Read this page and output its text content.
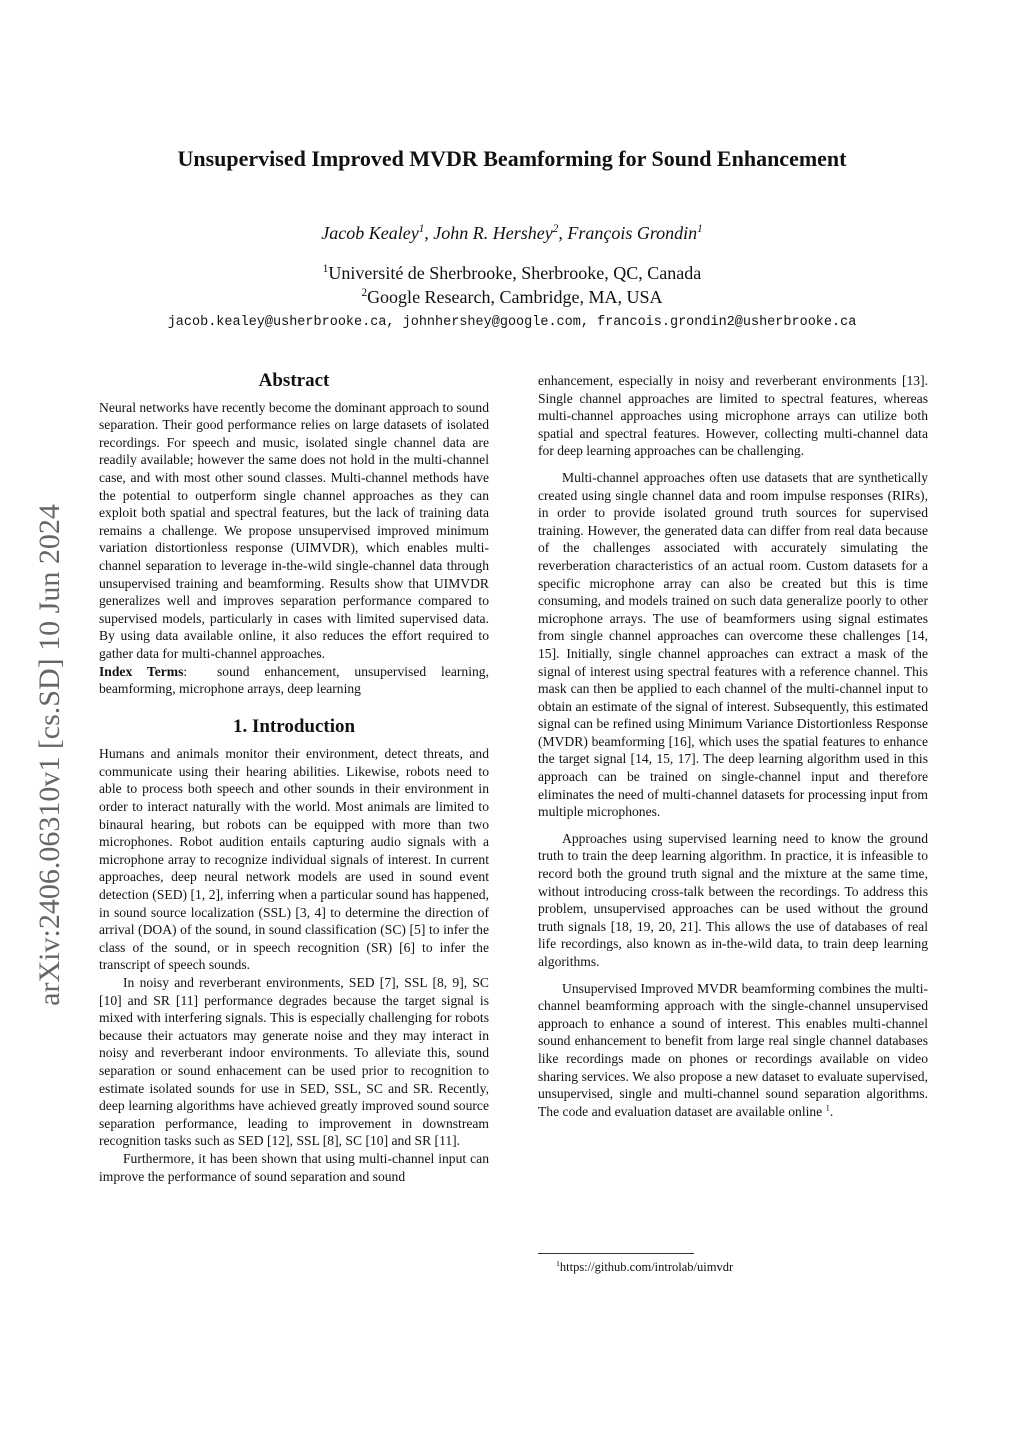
Unsupervised Improved MVDR Beamforming for Sound Enhancement
Jacob Kealey$^1$, John R. Hershey$^2$, François Grondin$^1$
$^1$Université de Sherbrooke, Sherbrooke, QC, Canada
$^2$Google Research, Cambridge, MA, USA
jacob.kealey@usherbrooke.ca, johnhershey@google.com, francois.grondin2@usherbrooke.ca
arXiv:2406.06310v1 [cs.SD] 10 Jun 2024
Abstract

Neural networks have recently become the dominant approach to sound separation. Their good performance relies on large datasets of isolated recordings. For speech and music, isolated single channel data are readily available; however the same does not hold in the multi-channel case, and with most other sound classes. Multi-channel methods have the potential to outperform single channel approaches as they can exploit both spatial and spectral features, but the lack of training data remains a challenge. We propose unsupervised improved minimum variation distortionless response (UIMVDR), which enables multi-channel separation to leverage in-the-wild single-channel data through unsupervised training and beamforming. Results show that UIMVDR generalizes well and improves separation performance compared to supervised models, particularly in cases with limited supervised data. By using data available online, it also reduces the effort required to gather data for multi-channel approaches.

Index Terms:  sound enhancement, unsupervised learning, beamforming, microphone arrays, deep learning

1. Introduction

Humans and animals monitor their environment, detect threats, and communicate using their hearing abilities. Likewise, robots need to able to process both speech and other sounds in their environment in order to interact naturally with the world. Most animals are limited to binaural hearing, but robots can be equipped with more than two microphones. Robot audition entails capturing audio signals with a microphone array to recognize individual signals of interest. In current approaches, deep neural network models are used in sound event detection (SED) [1, 2], inferring when a particular sound has happened, in sound source localization (SSL) [3, 4] to determine the direction of arrival (DOA) of the sound, in sound classification (SC) [5] to infer the class of the sound, or in speech recognition (SR) [6] to infer the transcript of speech sounds.

In noisy and reverberant environments, SED [7], SSL [8, 9], SC [10] and SR [11] performance degrades because the target signal is mixed with interfering signals. This is especially challenging for robots because their actuators may generate noise and they may interact in noisy and reverberant indoor environments. To alleviate this, sound separation or sound enhacement can be used prior to recognition to estimate isolated sounds for use in SED, SSL, SC and SR. Recently, deep learning algorithms have achieved greatly improved sound source separation performance, leading to improvement in downstream recognition tasks such as SED [12], SSL [8], SC [10] and SR [11].

Furthermore, it has been shown that using multi-channel input can improve the performance of sound separation and sound

enhancement, especially in noisy and reverberant environments [13]. Single channel approaches are limited to spectral features, whereas multi-channel approaches using microphone arrays can utilize both spatial and spectral features. However, collecting multi-channel data for deep learning approaches can be challenging.

Multi-channel approaches often use datasets that are synthetically created using single channel data and room impulse responses (RIRs), in order to provide isolated ground truth sources for supervised training. However, the generated data can differ from real data because of the challenges associated with accurately simulating the reverberation characteristics of an actual room. Custom datasets for a specific microphone array can also be created but this is time consuming, and models trained on such data generalize poorly to other microphone arrays. The use of beamformers using signal estimates from single channel approaches can overcome these challenges [14, 15]. Initially, single channel approaches can extract a mask of the signal of interest using spectral features with a reference channel. This mask can then be applied to each channel of the multi-channel input to obtain an estimate of the signal of interest. Subsequently, this estimated signal can be refined using Minimum Variance Distortionless Response (MVDR) beamforming [16], which uses the spatial features to enhance the target signal [14, 15, 17]. The deep learning algorithm used in this approach can be trained on single-channel input and therefore eliminates the need of multi-channel datasets for processing input from multiple microphones.

Approaches using supervised learning need to know the ground truth to train the deep learning algorithm. In practice, it is infeasible to record both the ground truth signal and the mixture at the same time, without introducing cross-talk between the recordings. To address this problem, unsupervised approaches can be used without the ground truth signals [18, 19, 20, 21]. This allows the use of databases of real life recordings, also known as in-the-wild data, to train deep learning algorithms.

Unsupervised Improved MVDR beamforming combines the multi-channel beamforming approach with the single-channel unsupervised approach to enhance a sound of interest. This enables multi-channel sound enhancement to benefit from large real single channel databases like recordings made on phones or recordings available on video sharing services. We also propose a new dataset to evaluate supervised, unsupervised, single and multi-channel sound separation algorithms. The code and evaluation dataset are available online $^1$.

$^1$https://github.com/introlab/uimvdr
